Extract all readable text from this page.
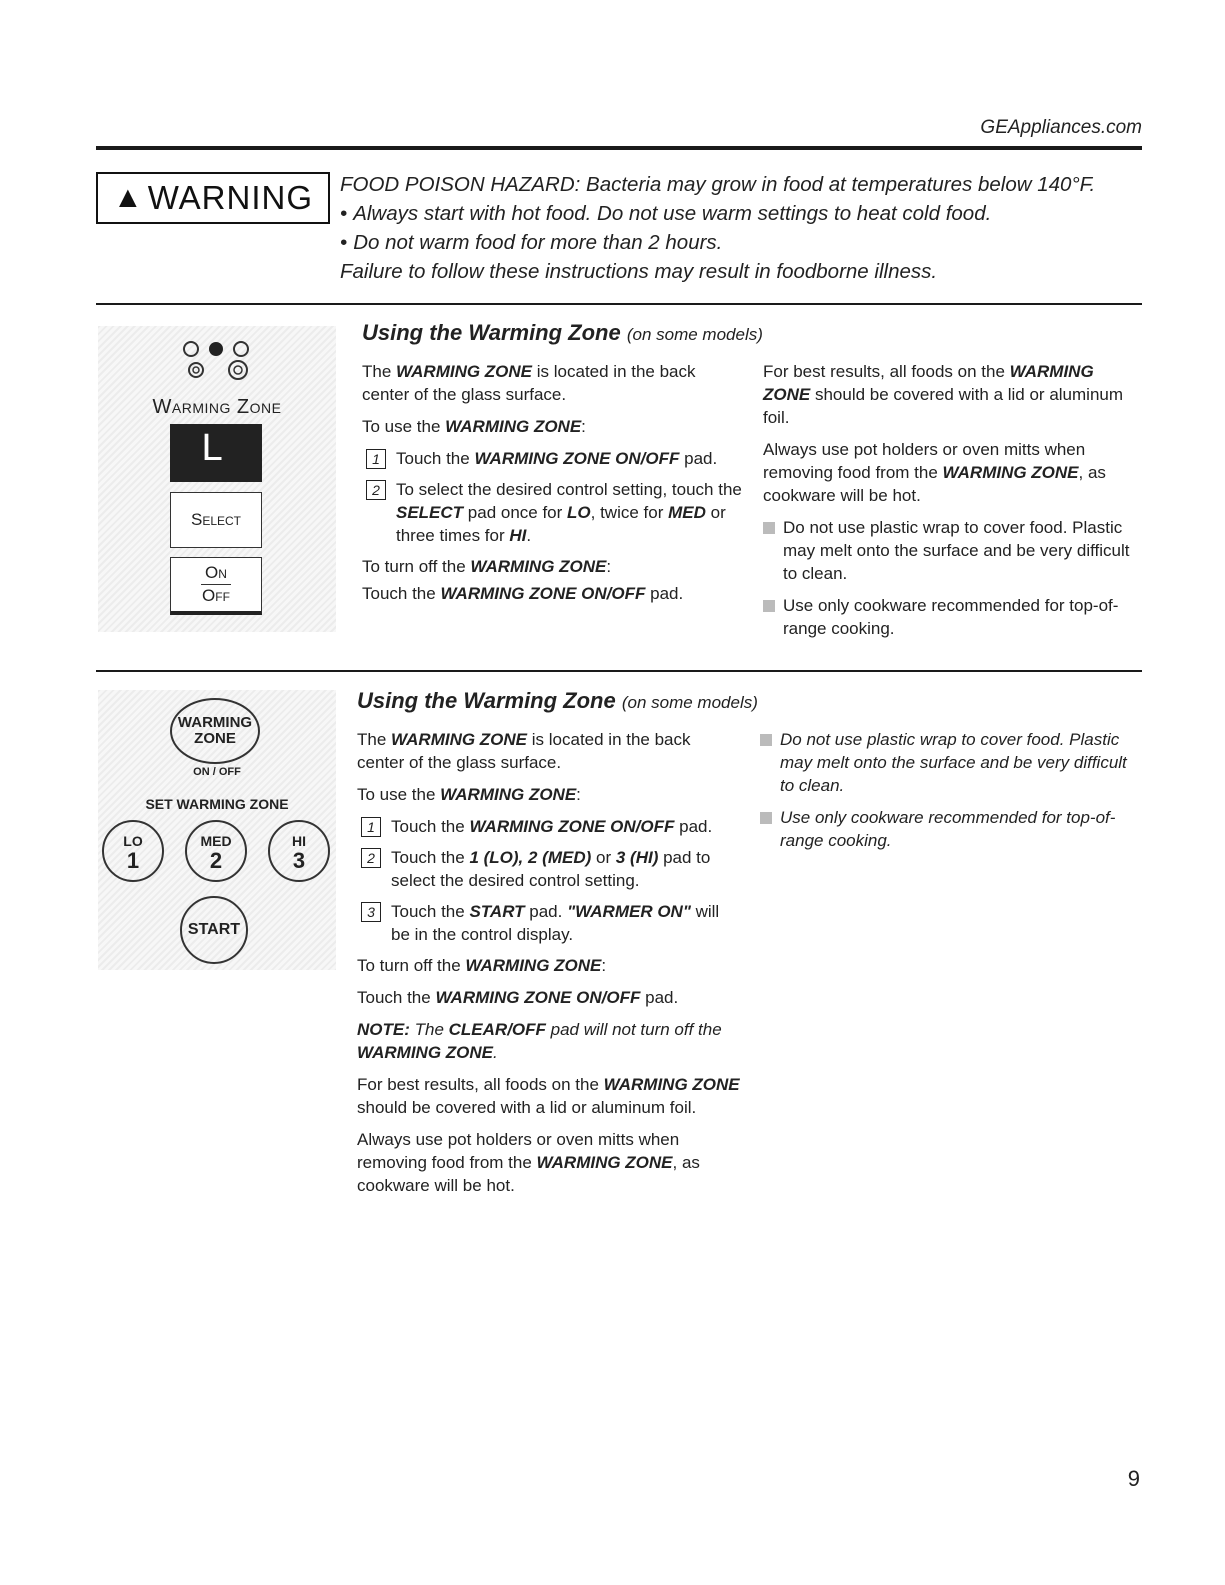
GEAppliances.com
▲ WARNING FOOD POISON HAZARD: Bacteria may grow in food at temperatures below 140°F.
• Always start with hot food. Do not use warm settings to heat cold food.
• Do not warm food for more than 2 hours.
Failure to follow these instructions may result in foodborne illness.
Warming Zone
L
Select
On
Off
Using the Warming Zone (on some models)

The WARMING ZONE is located in the back center of the glass surface.

To use the WARMING ZONE:

1 Touch the WARMING ZONE ON/OFF pad.
2 To select the desired control setting, touch the SELECT pad once for LO, twice for MED or three times for HI.

To turn off the WARMING ZONE:

Touch the WARMING ZONE ON/OFF pad.

For best results, all foods on the WARMING ZONE should be covered with a lid or aluminum foil.

Always use pot holders or oven mitts when removing food from the WARMING ZONE, as cookware will be hot.

Do not use plastic wrap to cover food. Plastic may melt onto the surface and be very difficult to clean.
Use only cookware recommended for top-of-range cooking.
WARMING
ZONE
ON / OFF
SET WARMING ZONE
LO
1
MED
2
HI
3
START
Using the Warming Zone (on some models)

The WARMING ZONE is located in the back center of the glass surface.

To use the WARMING ZONE:

1 Touch the WARMING ZONE ON/OFF pad.
2 Touch the 1 (LO), 2 (MED) or 3 (HI) pad to select the desired control setting.
3 Touch the START pad. "WARMER ON" will be in the control display.

To turn off the WARMING ZONE:

Touch the WARMING ZONE ON/OFF pad.

NOTE: The CLEAR/OFF pad will not turn off the WARMING ZONE.

For best results, all foods on the WARMING ZONE should be covered with a lid or aluminum foil.

Always use pot holders or oven mitts when removing food from the WARMING ZONE, as cookware will be hot.

Do not use plastic wrap to cover food. Plastic may melt onto the surface and be very difficult to clean.
Use only cookware recommended for top-of-range cooking.
9
